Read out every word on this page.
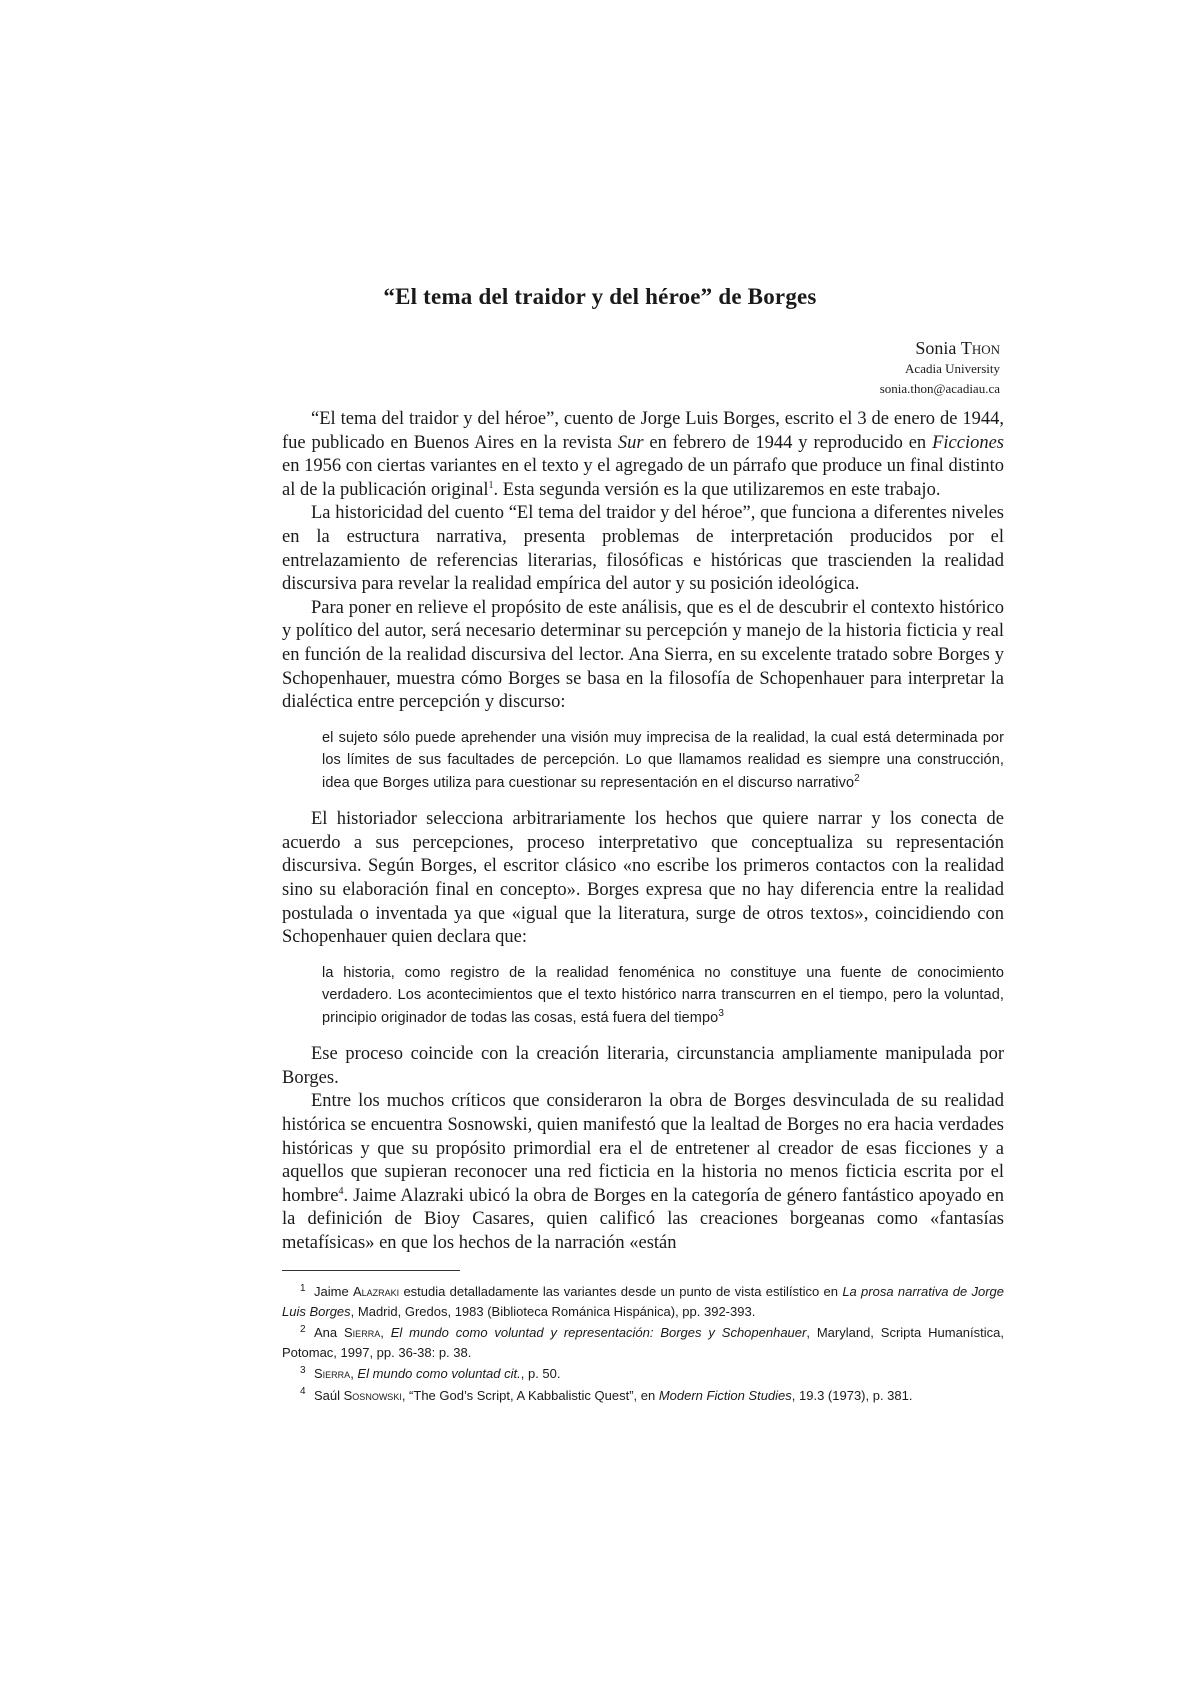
“El tema del traidor y del héroe” de Borges
Sonia Thon
Acadia University
sonia.thon@acadiau.ca

“El tema del traidor y del héroe”, cuento de Jorge Luis Borges, escrito el 3 de enero de 1944, fue publicado en Buenos Aires en la revista Sur en febrero de 1944 y reproducido en Ficciones en 1956 con ciertas variantes en el texto y el agregado de un párrafo que produce un final distinto al de la publicación original$^1$. Esta segunda versión es la que utilizaremos en este trabajo.

La historicidad del cuento “El tema del traidor y del héroe”, que funciona a diferentes niveles en la estructura narrativa, presenta problemas de interpretación producidos por el entrelazamiento de referencias literarias, filosóficas e históricas que trascienden la realidad discursiva para revelar la realidad empírica del autor y su posición ideológica.

Para poner en relieve el propósito de este análisis, que es el de descubrir el contexto histórico y político del autor, será necesario determinar su percepción y manejo de la historia ficticia y real en función de la realidad discursiva del lector. Ana Sierra, en su excelente tratado sobre Borges y Schopenhauer, muestra cómo Borges se basa en la filosofía de Schopenhauer para interpretar la dialéctica entre percepción y discurso:

el sujeto sólo puede aprehender una visión muy imprecisa de la realidad, la cual está determinada por los límites de sus facultades de percepción. Lo que llamamos realidad es siempre una construcción, idea que Borges utiliza para cuestionar su representación en el discurso narrativo$^2$

El historiador selecciona arbitrariamente los hechos que quiere narrar y los conecta de acuerdo a sus percepciones, proceso interpretativo que conceptualiza su representación discursiva. Según Borges, el escritor clásico «no escribe los primeros contactos con la realidad sino su elaboración final en concepto». Borges expresa que no hay diferencia entre la realidad postulada o inventada ya que «igual que la literatura, surge de otros textos», coincidiendo con Schopenhauer quien declara que:

la historia, como registro de la realidad fenoménica no constituye una fuente de conocimiento verdadero. Los acontecimientos que el texto histórico narra transcurren en el tiempo, pero la voluntad, principio originador de todas las cosas, está fuera del tiempo$^3$

Ese proceso coincide con la creación literaria, circunstancia ampliamente manipulada por Borges.

Entre los muchos críticos que consideraron la obra de Borges desvinculada de su realidad histórica se encuentra Sosnowski, quien manifestó que la lealtad de Borges no era hacia verdades históricas y que su propósito primordial era el de entretener al creador de esas ficciones y a aquellos que supieran reconocer una red ficticia en la historia no menos ficticia escrita por el hombre$^4$. Jaime Alazraki ubicó la obra de Borges en la categoría de género fantástico apoyado en la definición de Bioy Casares, quien calificó las creaciones borgeanas como «fantasías metafísicas» en que los hechos de la narración «están

$^1$ Jaime Alazraki estudia detalladamente las variantes desde un punto de vista estilístico en La prosa narrativa de Jorge Luis Borges, Madrid, Gredos, 1983 (Biblioteca Románica Hispánica), pp. 392-393.
$^2$ Ana Sierra, El mundo como voluntad y representación: Borges y Schopenhauer, Maryland, Scripta Humanística, Potomac, 1997, pp. 36-38: p. 38.
$^3$ Sierra, El mundo como voluntad cit., p. 50.
$^4$ Saúl Sosnowski, “The God’s Script, A Kabbalistic Quest”, en Modern Fiction Studies, 19.3 (1973), p. 381.
